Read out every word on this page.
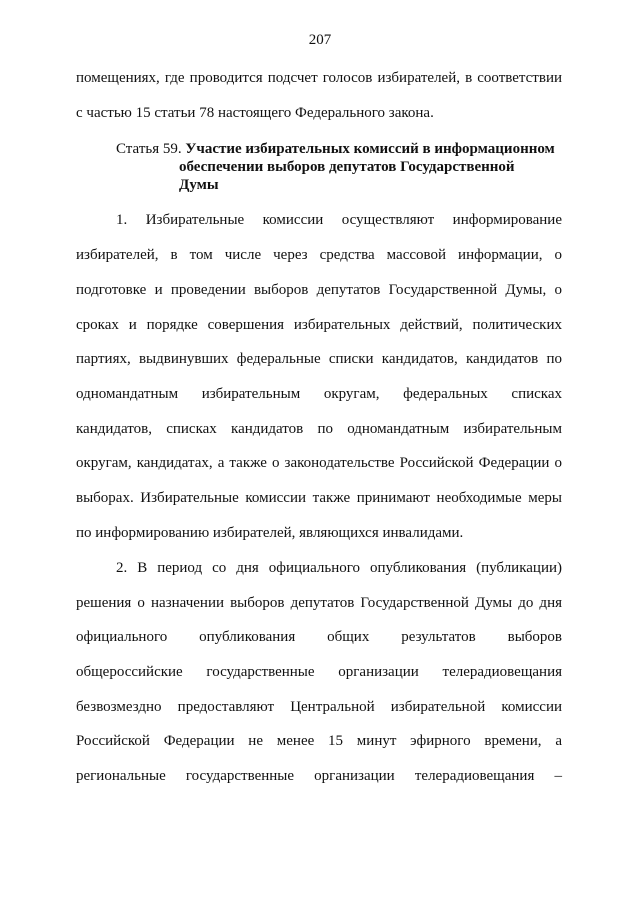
207
помещениях, где проводится подсчет голосов избирателей, в соответствии
с частью 15 статьи 78 настоящего Федерального закона.
Статья 59. Участие избирательных комиссий в информационном
обеспечении выборов депутатов Государственной
Думы
1. Избирательные комиссии осуществляют информирование
избирателей, в том числе через средства массовой информации, о
подготовке и проведении выборов депутатов Государственной Думы, о
сроках и порядке совершения избирательных действий, политических
партиях, выдвинувших федеральные списки кандидатов, кандидатов по
одномандатным избирательным округам, федеральных списках
кандидатов, списках кандидатов по одномандатным избирательным
округам, кандидатах, а также о законодательстве Российской Федерации о
выборах. Избирательные комиссии также принимают необходимые меры
по информированию избирателей, являющихся инвалидами.
2. В период со дня официального опубликования (публикации)
решения о назначении выборов депутатов Государственной Думы до дня
официального опубликования общих результатов выборов
общероссийские государственные организации телерадиовещания
безвозмездно предоставляют Центральной избирательной комиссии
Российской Федерации не менее 15 минут эфирного времени, а
региональные государственные организации телерадиовещания –
